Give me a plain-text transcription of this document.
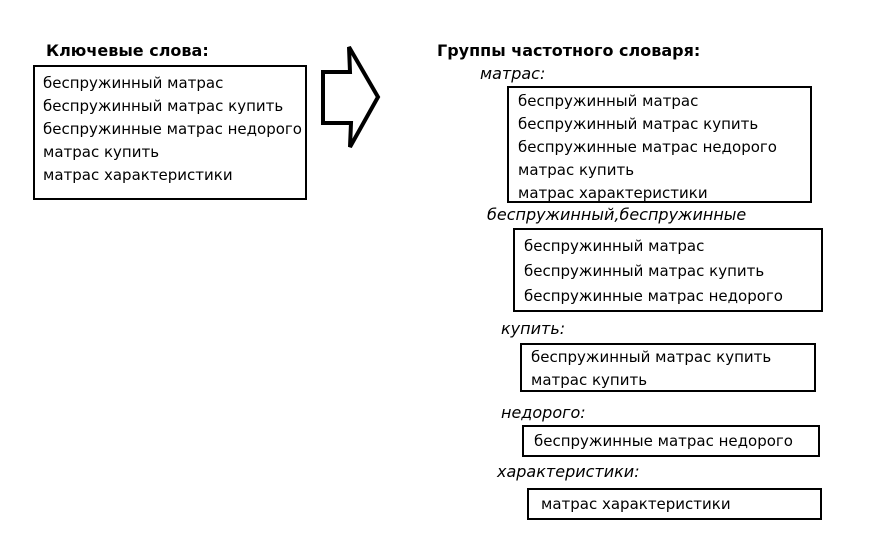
Ключевые слова:
беспружинный матрас
беспружинный матрас купить
беспружинные матрас недорого
матрас купить
матрас характеристики
Группы частотного словаря:
матрас:
беспружинный матрас
беспружинный матрас купить
беспружинные матрас недорого
матрас купить
матрас характеристики
беспружинный,беспружинные
беспружинный матрас
беспружинный матрас купить
беспружинные матрас недорого
купить:
беспружинный матрас купить
матрас купить
недорого:
беспружинные матрас недорого
характеристики:
матрас характеристики
